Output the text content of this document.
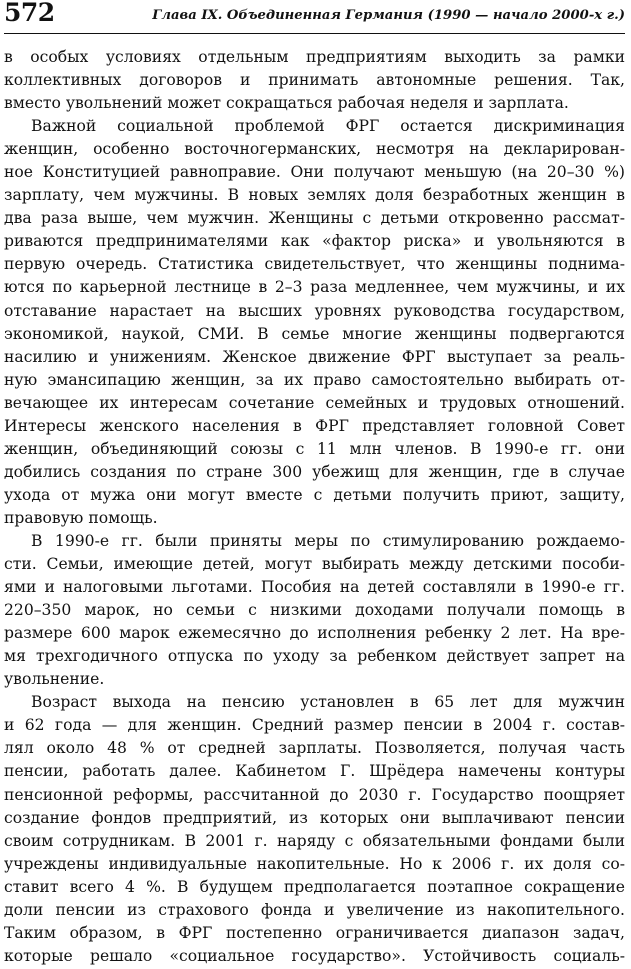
572	Глава IX. Объединенная Германия (1990 — начало 2000-х г.)
в особых условиях отдельным предприятиям выходить за рамки
коллективных договоров и принимать автономные решения. Так,
вместо увольнений может сокращаться рабочая неделя и зарплата.
Важной социальной проблемой ФРГ остается дискриминация
женщин, особенно восточногерманских, несмотря на декларирован-
ное Конституцией равноправие. Они получают меньшую (на 20–30 %)
зарплату, чем мужчины. В новых землях доля безработных женщин в
два раза выше, чем мужчин. Женщины с детьми откровенно рассмат-
риваются предпринимателями как «фактор риска» и увольняются в
первую очередь. Статистика свидетельствует, что женщины поднима-
ются по карьерной лестнице в 2–3 раза медленнее, чем мужчины, и их
отставание нарастает на высших уровнях руководства государством,
экономикой, наукой, СМИ. В семье многие женщины подвергаются
насилию и унижениям. Женское движение ФРГ выступает за реаль-
ную эмансипацию женщин, за их право самостоятельно выбирать от-
вечающее их интересам сочетание семейных и трудовых отношений.
Интересы женского населения в ФРГ представляет головной Совет
женщин, объединяющий союзы с 11 млн членов. В 1990-е гг. они
добились создания по стране 300 убежищ для женщин, где в случае
ухода от мужа они могут вместе с детьми получить приют, защиту,
правовую помощь.
В 1990-е гг. были приняты меры по стимулированию рождаемо-
сти. Семьи, имеющие детей, могут выбирать между детскими пособи-
ями и налоговыми льготами. Пособия на детей составляли в 1990-е гг.
220–350 марок, но семьи с низкими доходами получали помощь в
размере 600 марок ежемесячно до исполнения ребенку 2 лет. На вре-
мя трехгодичного отпуска по уходу за ребенком действует запрет на
увольнение.
Возраст выхода на пенсию установлен в 65 лет для мужчин
и 62 года — для женщин. Средний размер пенсии в 2004 г. состав-
лял около 48 % от средней зарплаты. Позволяется, получая часть
пенсии, работать далее. Кабинетом Г. Шрёдера намечены контуры
пенсионной реформы, рассчитанной до 2030 г. Государство поощряет
создание фондов предприятий, из которых они выплачивают пенсии
своим сотрудникам. В 2001 г. наряду с обязательными фондами были
учреждены индивидуальные накопительные. Но к 2006 г. их доля со-
ставит всего 4 %. В будущем предполагается поэтапное сокращение
доли пенсии из страхового фонда и увеличение из накопительного.
Таким образом, в ФРГ постепенно ограничивается диапазон задач,
которые решало «социальное государство». Устойчивость социаль-
